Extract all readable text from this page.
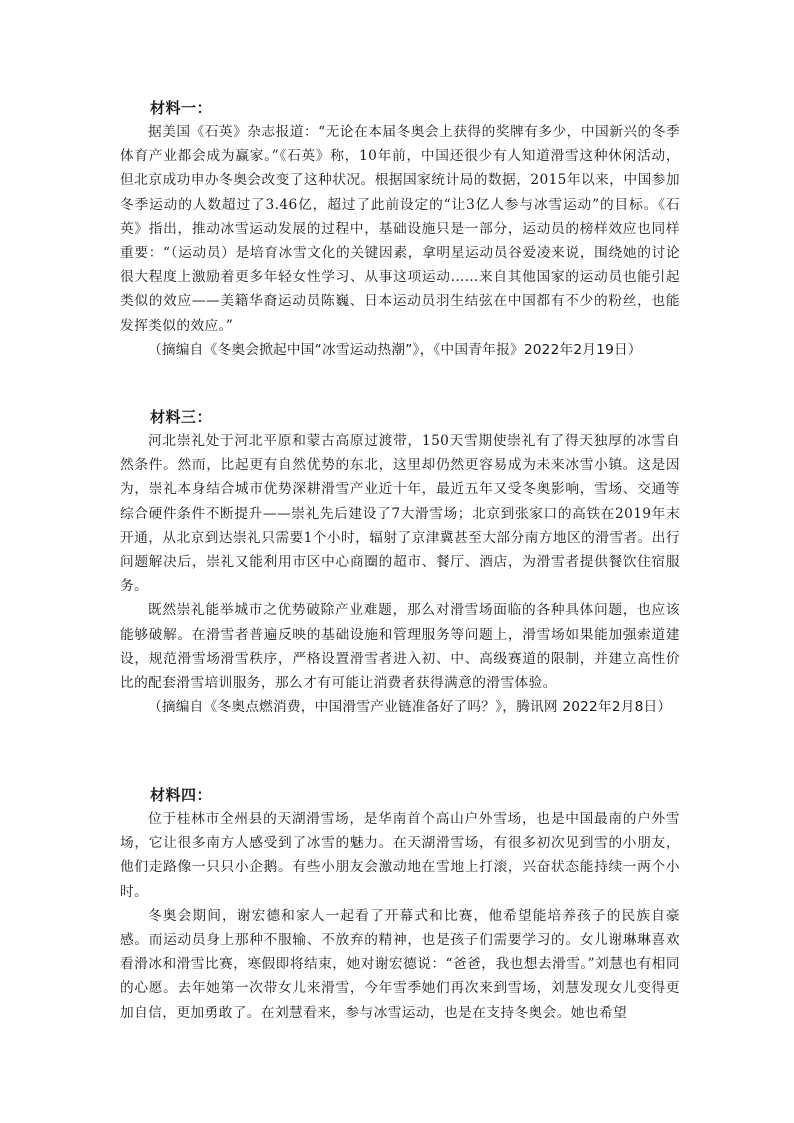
材料一：

据美国《石英》杂志报道：“无论在本届冬奥会上获得的奖牌有多少，中国新兴的冬季体育产业都会成为赢家。”《石英》称，10年前，中国还很少有人知道滑雪这种休闲活动，但北京成功申办冬奥会改变了这种状况。根据国家统计局的数据，2015年以来，中国参加冬季运动的人数超过了3.46亿，超过了此前设定的“让3亿人参与冰雪运动”的目标。《石英》指出，推动冰雪运动发展的过程中，基础设施只是一部分，运动员的榜样效应也同样重要：“（运动员）是培育冰雪文化的关键因素，拿明星运动员谷爱凌来说，围绕她的讨论很大程度上激励着更多年轻女性学习、从事这项运动……来自其他国家的运动员也能引起类似的效应——美籍华裔运动员陈巍、日本运动员羽生结弦在中国都有不少的粉丝，也能发挥类似的效应。”

（摘编自《冬奥会掀起中国“冰雪运动热潮”》，《中国青年报》2022年2月19日）

材料三：

河北崇礼处于河北平原和蒙古高原过渡带，150天雪期使崇礼有了得天独厚的冰雪自然条件。然而，比起更有自然优势的东北，这里却仍然更容易成为未来冰雪小镇。这是因为，崇礼本身结合城市优势深耕滑雪产业近十年，最近五年又受冬奥影响，雪场、交通等综合硬件条件不断提升——崇礼先后建设了7大滑雪场；北京到张家口的高铁在2019年末开通，从北京到达崇礼只需要1个小时，辐射了京津冀甚至大部分南方地区的滑雪者。出行问题解决后，崇礼又能利用市区中心商圈的超市、餐厅、酒店，为滑雪者提供餐饮住宿服务。

既然崇礼能举城市之优势破除产业难题，那么对滑雪场面临的各种具体问题，也应该能够破解。在滑雪者普遍反映的基础设施和管理服务等问题上，滑雪场如果能加强索道建设，规范滑雪场滑雪秩序，严格设置滑雪者进入初、中、高级赛道的限制，并建立高性价比的配套滑雪培训服务，那么才有可能让消费者获得满意的滑雪体验。

（摘编自《冬奥点燃消费，中国滑雪产业链准备好了吗？》，腾讯网 2022年2月8日）

材料四：

位于桂林市全州县的天湖滑雪场，是华南首个高山户外雪场，也是中国最南的户外雪场，它让很多南方人感受到了冰雪的魅力。在天湖滑雪场，有很多初次见到雪的小朋友，他们走路像一只只小企鹅。有些小朋友会激动地在雪地上打滚，兴奋状态能持续一两个小时。

冬奥会期间，谢宏德和家人一起看了开幕式和比赛，他希望能培养孩子的民族自豪感。而运动员身上那种不服输、不放弃的精神，也是孩子们需要学习的。女儿谢琳琳喜欢看滑冰和滑雪比赛，寒假即将结束，她对谢宏德说：“爸爸，我也想去滑雪。”刘慧也有相同的心愿。去年她第一次带女儿来滑雪，今年雪季她们再次来到雪场，刘慧发现女儿变得更加自信，更加勇敢了。在刘慧看来，参与冰雪运动，也是在支持冬奥会。她也希望
